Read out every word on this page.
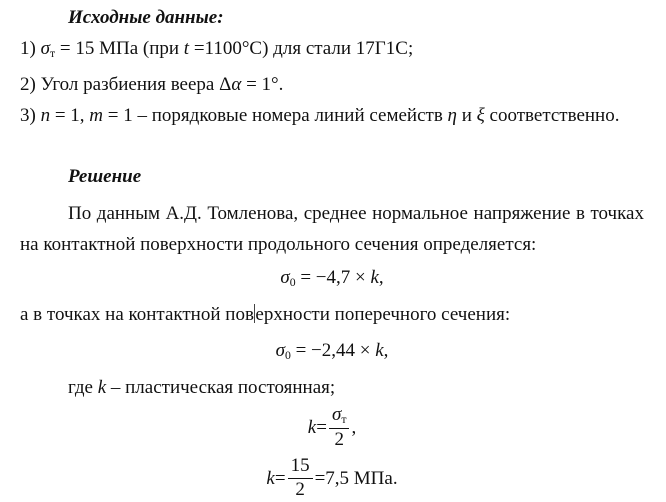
Исходные данные:
1) σт = 15 МПа (при t =1100°C) для стали 17Г1С;
2) Угол разбиения веера Δα = 1°.
3) n = 1, m = 1 – порядковые номера линий семейств η и ξ соответственно.
Решение
По данным А.Д. Томленова, среднее нормальное напряжение в точках
на контактной поверхности продольного сечения определяется:
σ0 = −4,7 × k,
а в точках на контактной поверхности поперечного сечения:
σ0 = −2,44 × k,
где k – пластическая постоянная;
$k = \frac{\sigma т}{2}$ ,
$k = \frac{15}{2} = 7,5$ МПа.
